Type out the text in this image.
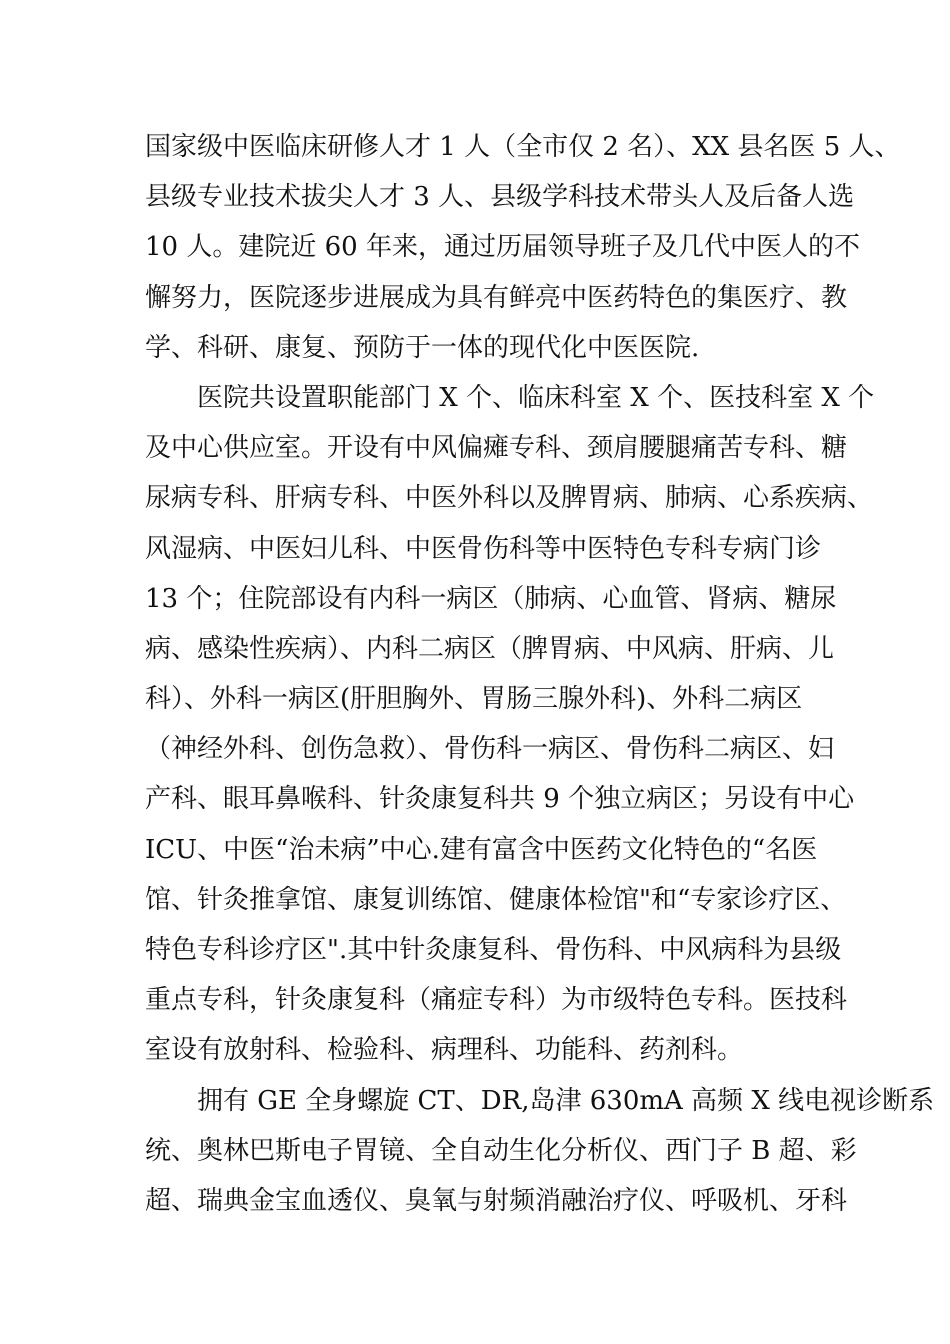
国家级中医临床研修人才 1 人（全市仅 2 名）、XX 县名医 5 人、
县级专业技术拔尖人才 3 人、县级学科技术带头人及后备人选
10 人。建院近 60 年来，通过历届领导班子及几代中医人的不
懈努力，医院逐步进展成为具有鲜亮中医药特色的集医疗、教
学、科研、康复、预防于一体的现代化中医医院.
医院共设置职能部门 X 个、临床科室 X 个、医技科室 X 个
及中心供应室。开设有中风偏瘫专科、颈肩腰腿痛苦专科、糖
尿病专科、肝病专科、中医外科以及脾胃病、肺病、心系疾病、
风湿病、中医妇儿科、中医骨伤科等中医特色专科专病门诊
13 个；住院部设有内科一病区（肺病、心血管、肾病、糖尿
病、感染性疾病）、内科二病区（脾胃病、中风病、肝病、儿
科）、外科一病区(肝胆胸外、胃肠三腺外科)、外科二病区
（神经外科、创伤急救）、骨伤科一病区、骨伤科二病区、妇
产科、眼耳鼻喉科、针灸康复科共 9 个独立病区；另设有中心
ICU、中医“治未病”中心.建有富含中医药文化特色的“名医
馆、针灸推拿馆、康复训练馆、健康体检馆"和“专家诊疗区、
特色专科诊疗区".其中针灸康复科、骨伤科、中风病科为县级
重点专科，针灸康复科（痛症专科）为市级特色专科。医技科
室设有放射科、检验科、病理科、功能科、药剂科。
拥有 GE 全身螺旋 CT、DR,岛津 630mA 高频 X 线电视诊断系
统、奥林巴斯电子胃镜、全自动生化分析仪、西门子 B 超、彩
超、瑞典金宝血透仪、臭氧与射频消融治疗仪、呼吸机、牙科
